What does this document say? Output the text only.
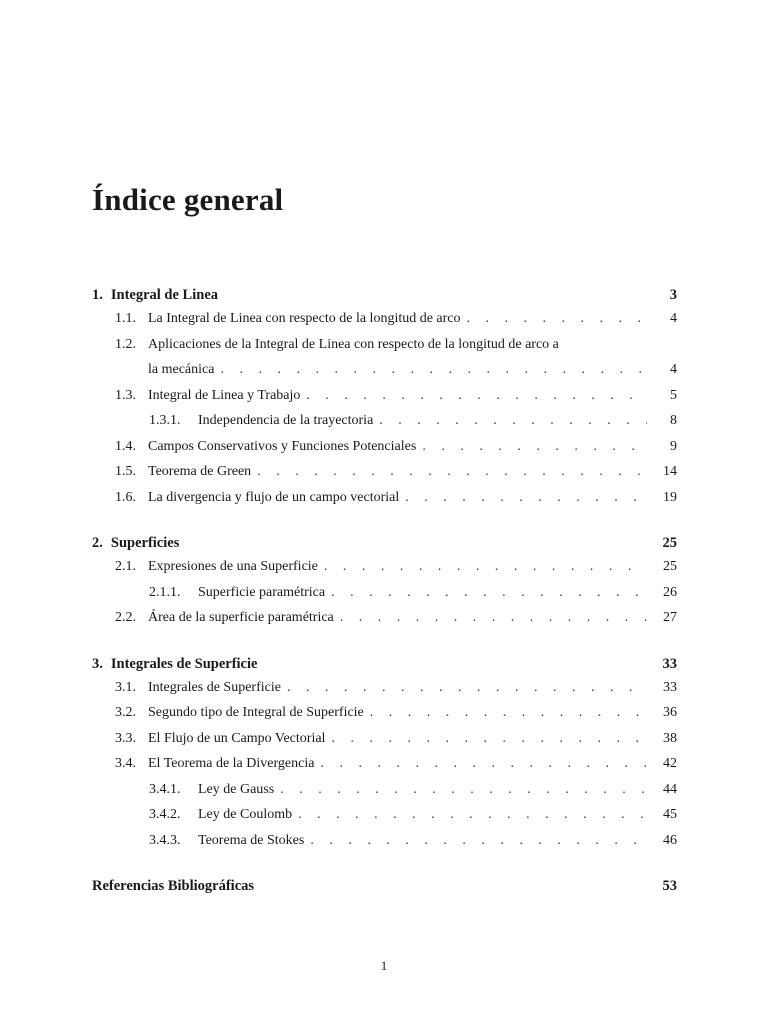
Índice general
1. Integral de Linea	3
1.1. La Integral de Linea con respecto de la longitud de arco . . .	4
1.2. Aplicaciones de la Integral de Linea con respecto de la longitud de arco a
la mecánica . . .	4
1.3. Integral de Linea y Trabajo . . .	5
1.3.1.	Independencia de la trayectoria . . .	8
1.4. Campos Conservativos y Funciones Potenciales . . .	9
1.5. Teorema de Green . . .	14
1.6. La divergencia y flujo de un campo vectorial . . .	19
2. Superficies	25
2.1. Expresiones de una Superficie . . .	25
2.1.1.	Superficie paramétrica . . .	26
2.2. Área de la superficie paramétrica . . .	27
3. Integrales de Superficie	33
3.1. Integrales de Superficie . . .	33
3.2. Segundo tipo de Integral de Superficie . . .	36
3.3. El Flujo de un Campo Vectorial . . .	38
3.4. El Teorema de la Divergencia . . .	42
3.4.1.	Ley de Gauss . . .	44
3.4.2.	Ley de Coulomb . . .	45
3.4.3.	Teorema de Stokes . . .	46
Referencias Bibliográficas	53
1
